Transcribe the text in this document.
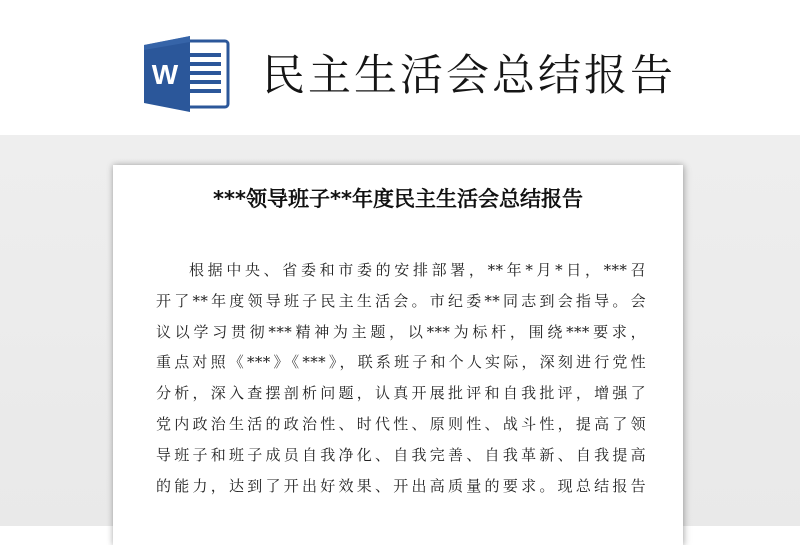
W 民主生活会总结报告
***领导班子**年度民主生活会总结报告
根据中央、省委和市委的安排部署，**年*月*日，***召
开了**年度领导班子民主生活会。市纪委**同志到会指导。会
议以学习贯彻***精神为主题，以***为标杆，围绕***要求，
重点对照《***》《***》，联系班子和个人实际，深刻进行党性
分析，深入查摆剖析问题，认真开展批评和自我批评，增强了
党内政治生活的政治性、时代性、原则性、战斗性，提高了领
导班子和班子成员自我净化、自我完善、自我革新、自我提高
的能力，达到了开出好效果、开出高质量的要求。现总结报告
